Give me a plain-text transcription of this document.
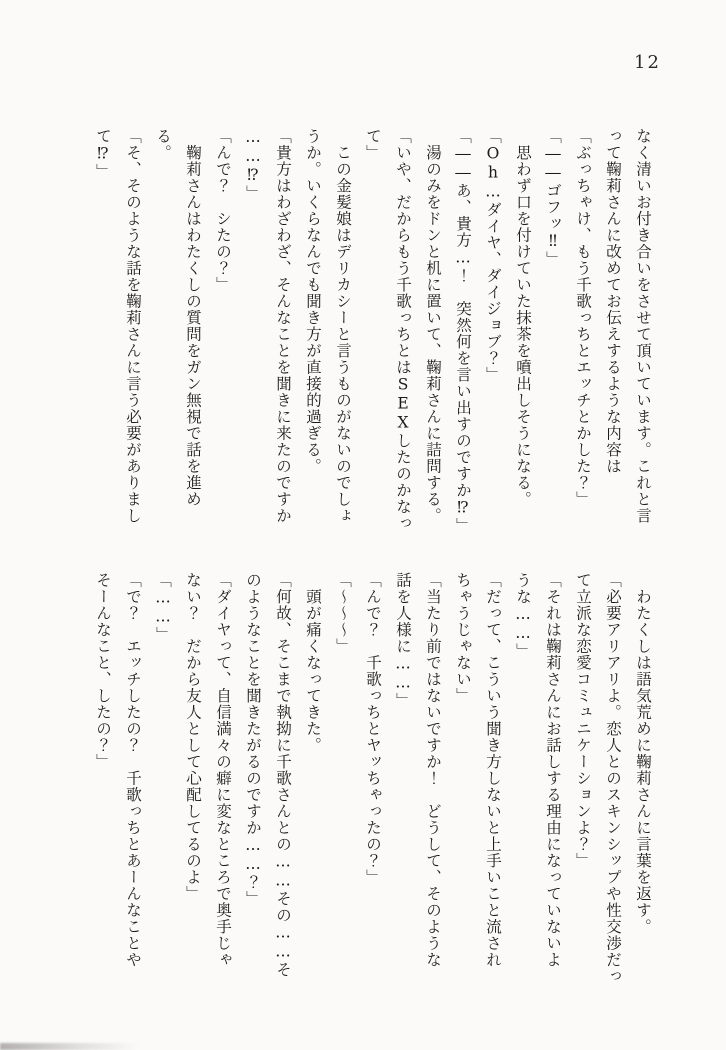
12

なく清いお付き合いをさせて頂いています。これと言

って鞠莉さんに改めてお伝えするような内容は

「ぶっちゃけ、もう千歌っちとエッチとかした？」

「――ゴフッ‼」

　思わず口を付けていた抹茶を噴出しそうになる。

「Oh…ダイヤ、ダイジョブ？」

「――あ、貴方…！　突然何を言い出すのですか⁉」

　湯のみをドンと机に置いて、鞠莉さんに詰問する。

「いや、だからもう千歌っちとはSEXしたのかなっ

て」

　この金髪娘はデリカシーと言うものがないのでしょ

うか。いくらなんでも聞き方が直接的過ぎる。

「貴方はわざわざ、そんなことを聞きに来たのですか

……⁉」

「んで？　シたの？」

　鞠莉さんはわたくしの質問をガン無視で話を進め

る。

「そ、そのような話を鞠莉さんに言う必要がありまし

て⁉」

　わたくしは語気荒めに鞠莉さんに言葉を返す。

「必要アリアリよ。恋人とのスキンシップや性交渉だっ

て立派な恋愛コミュニケーションよ？」

「それは鞠莉さんにお話しする理由になっていないよ

うな……」

「だって、こういう聞き方しないと上手いこと流され

ちゃうじゃない」

「当たり前ではないですか！　どうして、そのような

話を人様に……」

「んで？　千歌っちとヤッちゃったの？」

「〜〜〜」

　頭が痛くなってきた。

「何故、そこまで執拗に千歌さんとの……その……そ

のようなことを聞きたがるのですか……？」

「ダイヤって、自信満々の癖に変なところで奥手じゃ

ない？　だから友人として心配してるのよ」

「……」

「で？　エッチしたの？　千歌っちとあーんなことや

そーんなこと、したの？」
